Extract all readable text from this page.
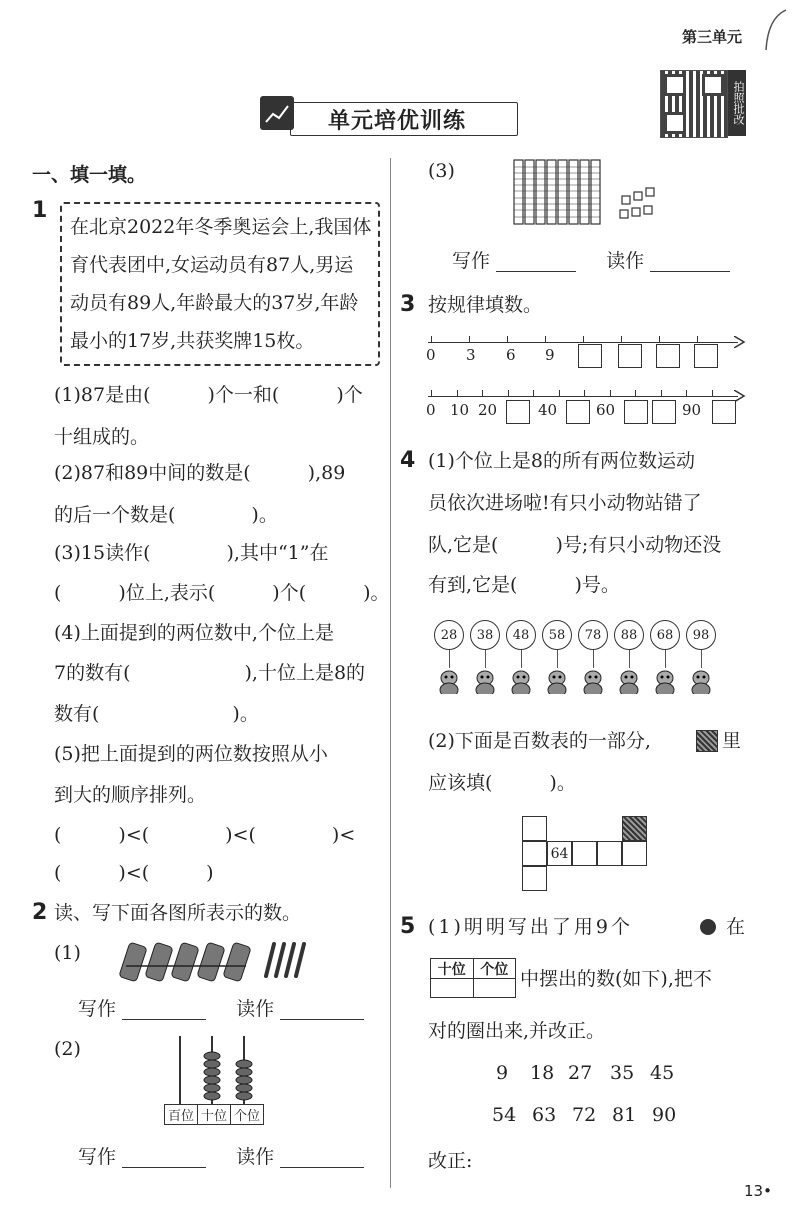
第三单元
拍照批改
单元培优训练
一、填一填。
1
在北京2022年冬季奥运会上,我国体
育代表团中,女运动员有87人,男运
动员有89人,年龄最大的37岁,年龄
最小的17岁,共获奖牌15枚。
(1)87是由(　　　)个一和(　　　)个
十组成的。
(2)87和89中间的数是(　　　),89
的后一个数是(　　　　)。
(3)15读作(　　　　),其中“1”在
(　　　)位上,表示(　　　)个(　　　)。
(4)上面提到的两位数中,个位上是
7的数有(　　　　　　),十位上是8的
数有(　　　　　　　)。
(5)把上面提到的两位数按照从小
到大的顺序排列。
(　　　)<(　　　　)<(　　　　)<
(　　　)<(　　　)
2 读、写下面各图所表示的数。
(1)
写作	读作
(2)
百位 十位 个位
写作	读作
(3)
写作	读作
3 按规律填数。
0 3 6 9
0 10 20	40	60	90
4 (1)个位上是8的所有两位数运动
员依次进场啦!有只小动物站错了
队,它是(　　　)号;有只小动物还没
有到,它是(　　　)号。
28	38	48	58	78	88	68	98
(2)下面是百数表的一部分,	里
应该填(　　　)。
64
5 (1)明明写出了用9个	在
十位	个位 中摆出的数(如下),把不
对的圈出来,并改正。
9 18 27 35 45
54 63 72 81 90
改正:
13•
